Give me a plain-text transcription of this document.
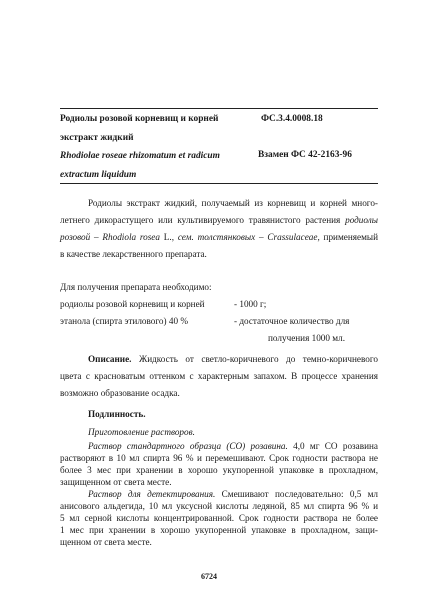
Родиолы розовой корневищ и корней
экстракт жидкий
Rhodiolae roseae rhizomatum et radicum
extractum liquidum
ФС.3.4.0008.18
Взамен ФС 42-2163-96
Родиолы экстракт жидкий, получаемый из корневищ и корней много-
летнего дикорастущего или культивируемого травянистого растения родиолы
розовой – Rhodiola rosea L., сем. толстянковых – Crassulaceae, применяемый
в качестве лекарственного препарата.
Для получения препарата необходимо:
родиолы розовой корневищ и корней	- 1000 г;
этанола (спирта этилового) 40 %	- достаточное количество для
получения 1000 мл.
Описание. Жидкость от светло-коричневого до темно-коричневого
цвета с красноватым оттенком с характерным запахом. В процессе хранения
возможно образование осадка.
Подлинность.
Приготовление растворов.
Раствор стандартного образца (СО) розавина. 4,0 мг СО розавина
растворяют в 10 мл спирта 96 % и перемешивают. Срок годности раствора не
более 3 мес при хранении в хорошо укупоренной упаковке в прохладном,
защищенном от света месте.
Раствор для детектирования. Смешивают последовательно: 0,5 мл
анисового альдегида, 10 мл уксусной кислоты ледяной, 85 мл спирта 96 % и
5 мл серной кислоты концентрированной. Срок годности раствора не более
1 мес при хранении в хорошо укупоренной упаковке в прохладном, защи-
щенном от света месте.
6724
